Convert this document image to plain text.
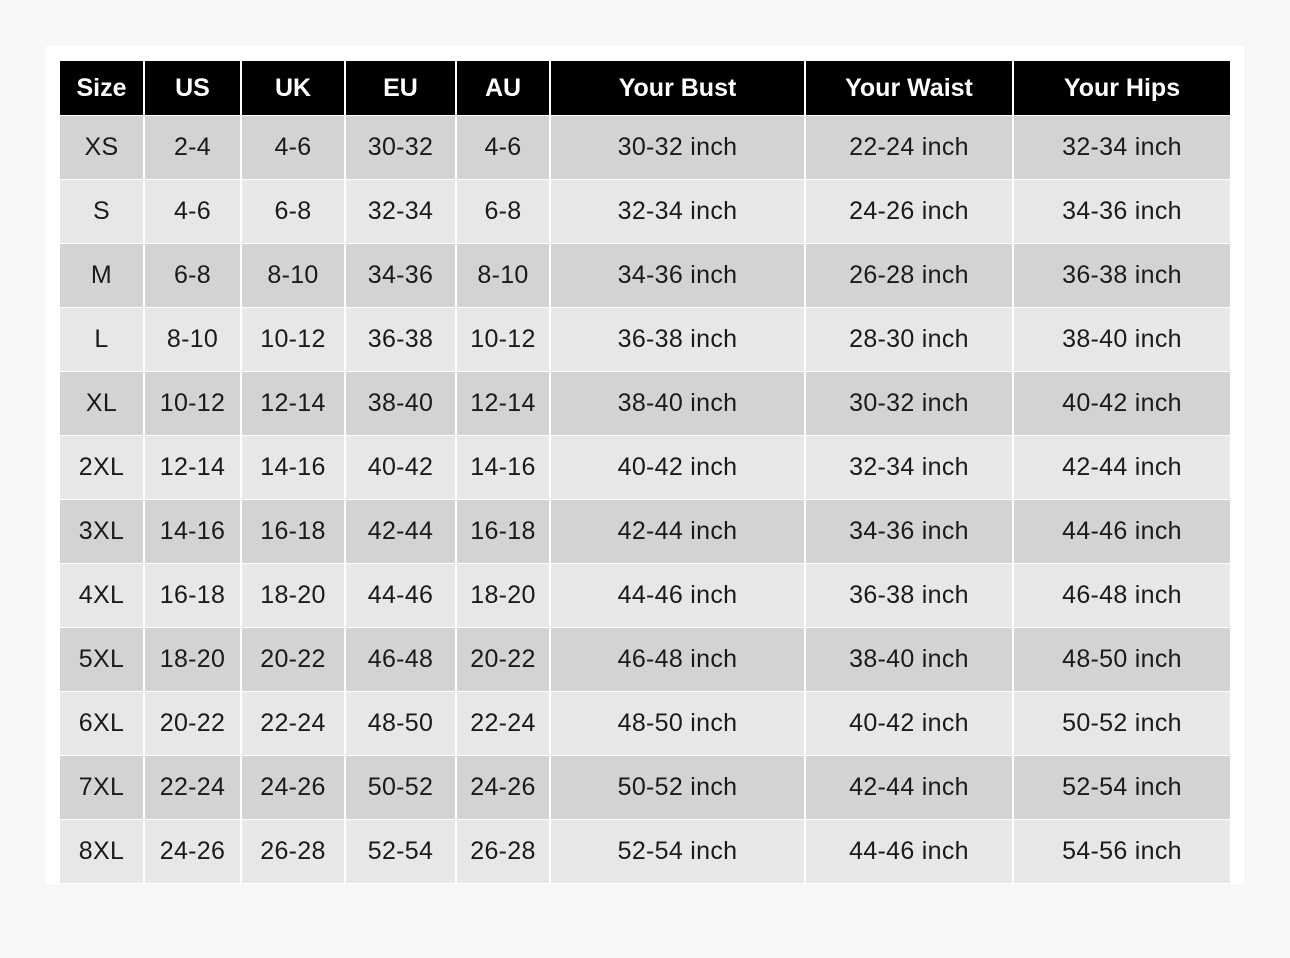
Size	US	UK	EU	AU	Your Bust	Your Waist	Your Hips
XS	2-4	4-6	30-32	4-6	30-32 inch	22-24 inch	32-34 inch
S	4-6	6-8	32-34	6-8	32-34 inch	24-26 inch	34-36 inch
M	6-8	8-10	34-36	8-10	34-36 inch	26-28 inch	36-38 inch
L	8-10	10-12	36-38	10-12	36-38 inch	28-30 inch	38-40 inch
XL	10-12	12-14	38-40	12-14	38-40 inch	30-32 inch	40-42 inch
2XL	12-14	14-16	40-42	14-16	40-42 inch	32-34 inch	42-44 inch
3XL	14-16	16-18	42-44	16-18	42-44 inch	34-36 inch	44-46 inch
4XL	16-18	18-20	44-46	18-20	44-46 inch	36-38 inch	46-48 inch
5XL	18-20	20-22	46-48	20-22	46-48 inch	38-40 inch	48-50 inch
6XL	20-22	22-24	48-50	22-24	48-50 inch	40-42 inch	50-52 inch
7XL	22-24	24-26	50-52	24-26	50-52 inch	42-44 inch	52-54 inch
8XL	24-26	26-28	52-54	26-28	52-54 inch	44-46 inch	54-56 inch
